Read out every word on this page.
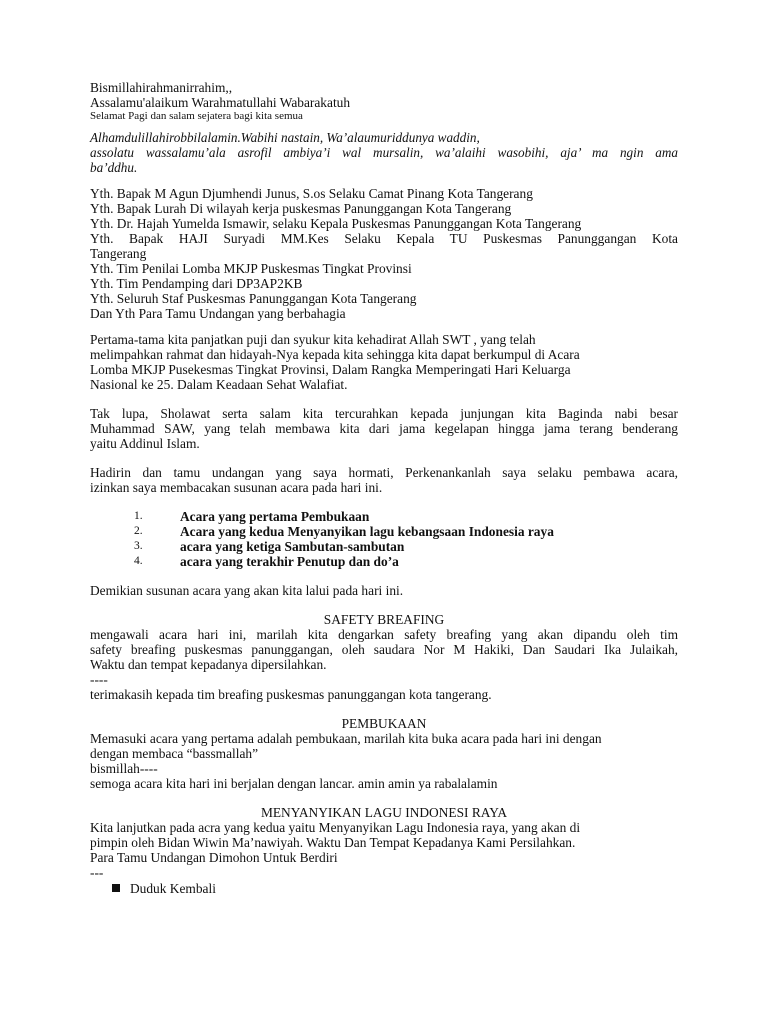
Bismillahirahmanirrahim,,
Assalamu'alaikum Warahmatullahi Wabarakatuh
Selamat Pagi dan salam sejatera bagi kita semua
Alhamdulillahirobbilalamin.Wabihi nastain, Wa’alaumuriddunya waddin,
assolatu wassalamu’ala asrofil ambiya’i wal mursalin, wa’alaihi wasobihi, aja’ ma ngin ama
ba’ddhu.
Yth. Bapak M Agun Djumhendi Junus, S.os Selaku Camat Pinang Kota Tangerang
Yth. Bapak Lurah Di wilayah kerja puskesmas Panunggangan Kota Tangerang
Yth. Dr. Hajah Yumelda Ismawir, selaku Kepala Puskesmas Panunggangan Kota Tangerang
Yth. Bapak HAJI Suryadi MM.Kes Selaku Kepala TU Puskesmas Panunggangan Kota
Tangerang
Yth. Tim Penilai Lomba MKJP Puskesmas Tingkat Provinsi
Yth. Tim Pendamping dari DP3AP2KB
Yth. Seluruh Staf Puskesmas Panunggangan Kota Tangerang
Dan Yth Para Tamu Undangan yang berbahagia
Pertama-tama kita panjatkan puji dan syukur kita kehadirat Allah SWT , yang telah
melimpahkan rahmat dan hidayah-Nya kepada kita sehingga kita dapat berkumpul di Acara
Lomba MKJP Pusekesmas Tingkat Provinsi, Dalam Rangka Memperingati Hari Keluarga
Nasional ke 25. Dalam Keadaan Sehat Walafiat.
Tak lupa, Sholawat serta salam kita tercurahkan kepada junjungan kita Baginda nabi besar
Muhammad SAW, yang telah membawa kita dari jama kegelapan hingga jama terang benderang
yaitu Addinul Islam.
Hadirin dan tamu undangan yang saya hormati, Perkenankanlah saya selaku pembawa acara,
izinkan saya membacakan susunan acara pada hari ini.
1.	Acara yang pertama Pembukaan
2.	Acara yang kedua Menyanyikan lagu kebangsaan Indonesia raya
3.	acara yang ketiga Sambutan-sambutan
4.	acara yang terakhir Penutup dan do’a
Demikian susunan acara yang akan kita lalui pada hari ini.
SAFETY BREAFING
mengawali acara hari ini, marilah kita dengarkan safety breafing yang akan dipandu oleh tim
safety breafing puskesmas panunggangan, oleh saudara Nor M Hakiki, Dan Saudari Ika Julaikah,
Waktu dan tempat kepadanya dipersilahkan.
----
terimakasih kepada tim breafing puskesmas panunggangan kota tangerang.
PEMBUKAAN
Memasuki acara yang pertama adalah pembukaan, marilah kita buka acara pada hari ini dengan
dengan membaca “bassmallah”
bismillah----
semoga acara kita hari ini berjalan dengan lancar. amin amin ya rabalalamin
MENYANYIKAN LAGU INDONESI RAYA
Kita lanjutkan pada acra yang kedua yaitu Menyanyikan Lagu Indonesia raya, yang akan di
pimpin oleh Bidan Wiwin Ma’nawiyah. Waktu Dan Tempat Kepadanya Kami Persilahkan.
Para Tamu Undangan Dimohon Untuk Berdiri
---
Duduk Kembali
